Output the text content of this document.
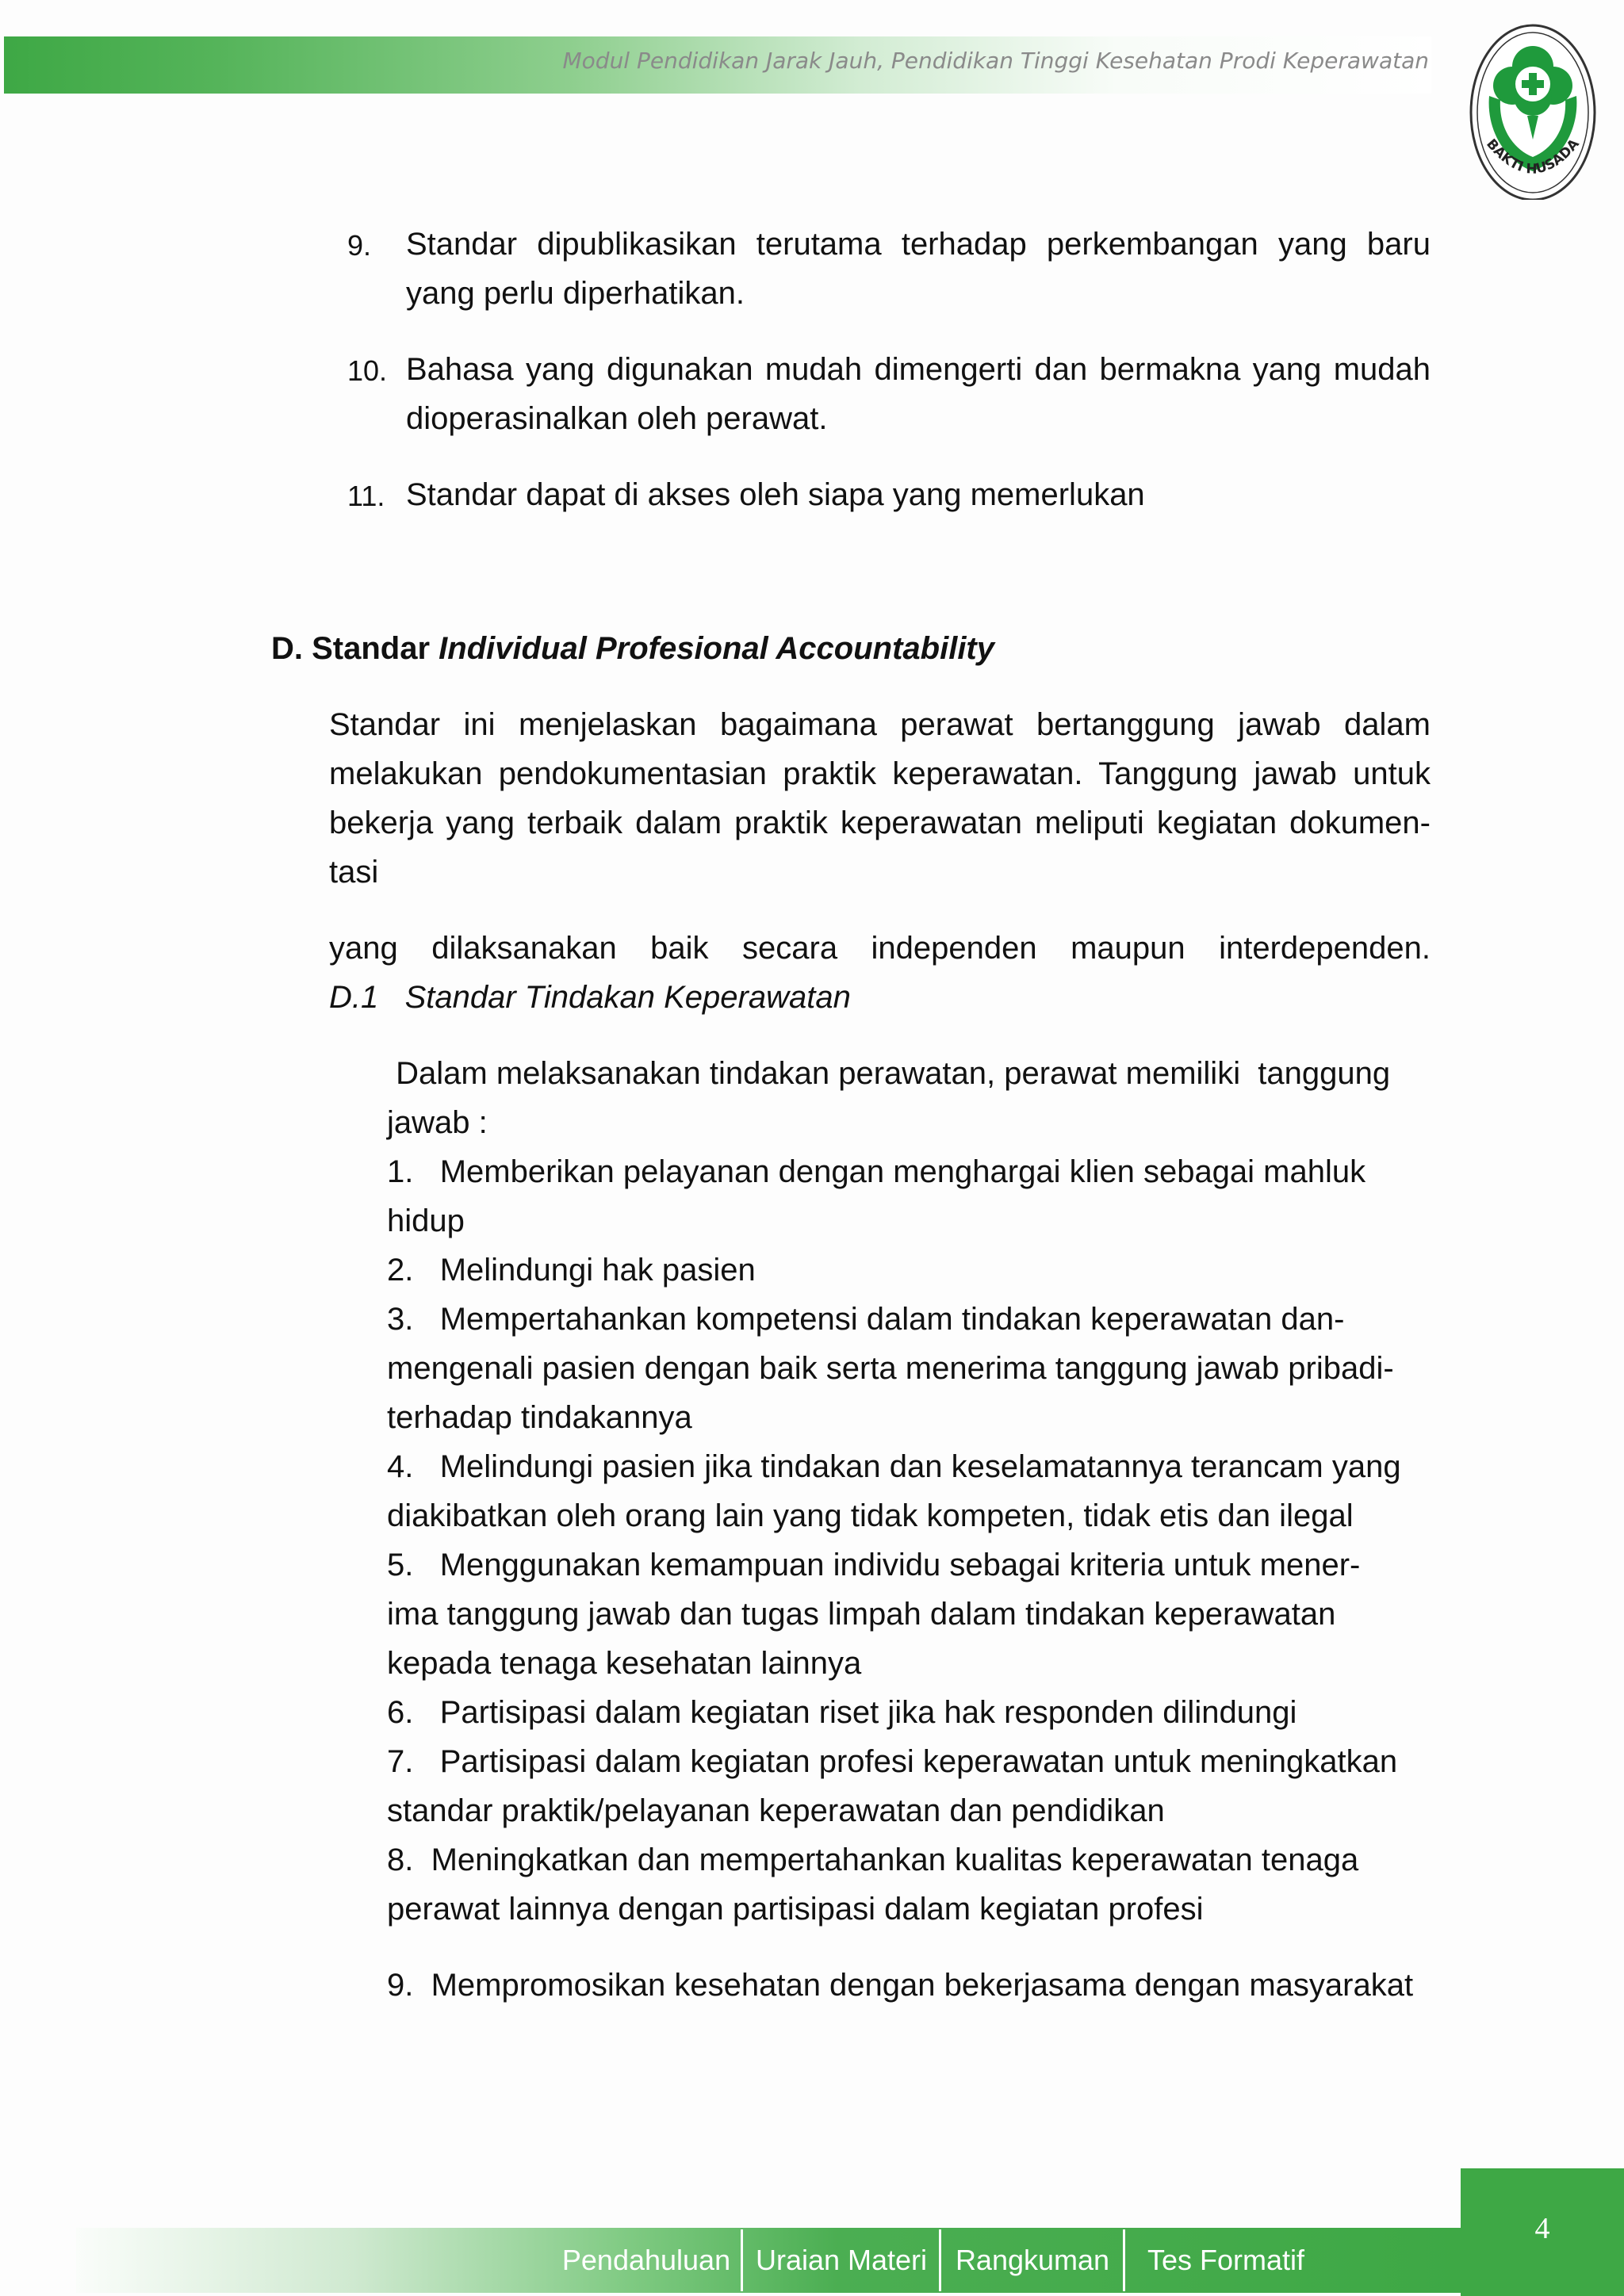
Modul Pendidikan Jarak Jauh, Pendidikan Tinggi Kesehatan Prodi Keperawatan
BAKTI HUSADA
9. Standar dipublikasikan terutama terhadap perkembangan yang baru
yang perlu diperhatikan.
10. Bahasa yang digunakan mudah dimengerti dan bermakna yang mudah
dioperasinalkan oleh perawat.
11. Standar dapat di akses oleh siapa yang memerlukan
D. Standar Individual Profesional Accountability
Standar ini menjelaskan bagaimana perawat bertanggung jawab dalam
melakukan pendokumentasian praktik keperawatan. Tanggung jawab untuk
bekerja yang terbaik dalam praktik keperawatan meliputi kegiatan dokumen-
tasi
yang dilaksanakan baik secara independen maupun interdependen.
D.1   Standar Tindakan Keperawatan
Dalam melaksanakan tindakan perawatan, perawat memiliki  tanggung
jawab :
1.   Memberikan pelayanan dengan menghargai klien sebagai mahluk
hidup
2.   Melindungi hak pasien
3.   Mempertahankan kompetensi dalam tindakan keperawatan dan-
mengenali pasien dengan baik serta menerima tanggung jawab pribadi-
terhadap tindakannya
4.   Melindungi pasien jika tindakan dan keselamatannya terancam yang
diakibatkan oleh orang lain yang tidak kompeten, tidak etis dan ilegal
5.   Menggunakan kemampuan individu sebagai kriteria untuk mener-
ima tanggung jawab dan tugas limpah dalam tindakan keperawatan
kepada tenaga kesehatan lainnya
6.   Partisipasi dalam kegiatan riset jika hak responden dilindungi
7.   Partisipasi dalam kegiatan profesi keperawatan untuk meningkatkan
standar praktik/pelayanan keperawatan dan pendidikan
8.  Meningkatkan dan mempertahankan kualitas keperawatan tenaga
perawat lainnya dengan partisipasi dalam kegiatan profesi
9.  Mempromosikan kesehatan dengan bekerjasama dengan masyarakat
4
Pendahuluan Uraian Materi Rangkuman	Tes Formatif
